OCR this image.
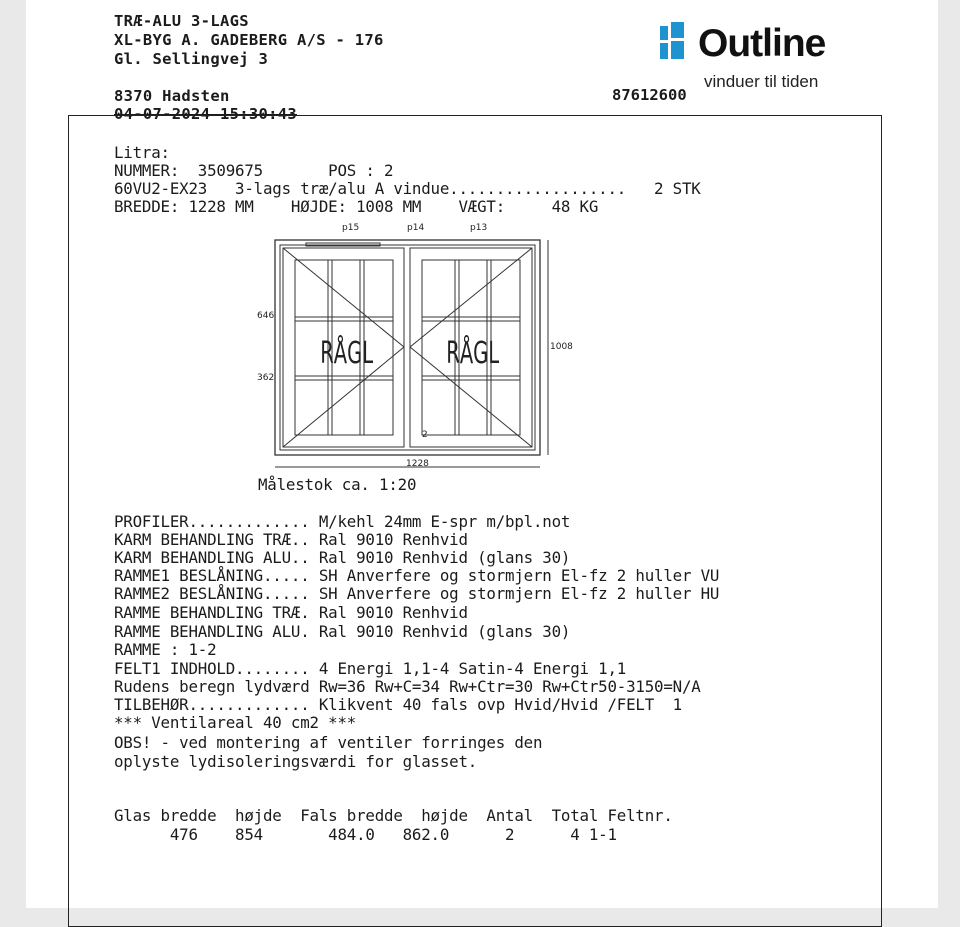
TRÆ-ALU 3-LAGS
XL-BYG A. GADEBERG A/S - 176
Gl. Sellingvej 3
8370 Hadsten
04-07-2024 15:30:43
Outline
vinduer til tiden
87612600
Litra:
NUMMER:  3509675       POS : 2
60VU2-EX23   3-lags træ/alu A vindue...................   2 STK
BREDDE: 1228 MM    HØJDE: 1008 MM    VÆGT:     48 KG
p15	p14	p13
RÅGL RÅGL
2
646
362
1008
1228
Målestok ca. 1:20
PROFILER............. M/kehl 24mm E-spr m/bpl.not
KARM BEHANDLING TRÆ.. Ral 9010 Renhvid
KARM BEHANDLING ALU.. Ral 9010 Renhvid (glans 30)
RAMME1 BESLÅNING..... SH Anverfere og stormjern El-fz 2 huller VU
RAMME2 BESLÅNING..... SH Anverfere og stormjern El-fz 2 huller HU
RAMME BEHANDLING TRÆ. Ral 9010 Renhvid
RAMME BEHANDLING ALU. Ral 9010 Renhvid (glans 30)
RAMME : 1-2
FELT1 INDHOLD........ 4 Energi 1,1-4 Satin-4 Energi 1,1
Rudens beregn lydværd Rw=36 Rw+C=34 Rw+Ctr=30 Rw+Ctr50-3150=N/A
TILBEHØR............. Klikvent 40 fals ovp Hvid/Hvid /FELT  1
*** Ventilareal 40 cm2 ***
OBS! - ved montering af ventiler forringes den
oplyste lydisoleringsværdi for glasset.
Glas bredde  højde  Fals bredde  højde  Antal  Total Feltnr.
476    854       484.0   862.0      2      4 1-1
